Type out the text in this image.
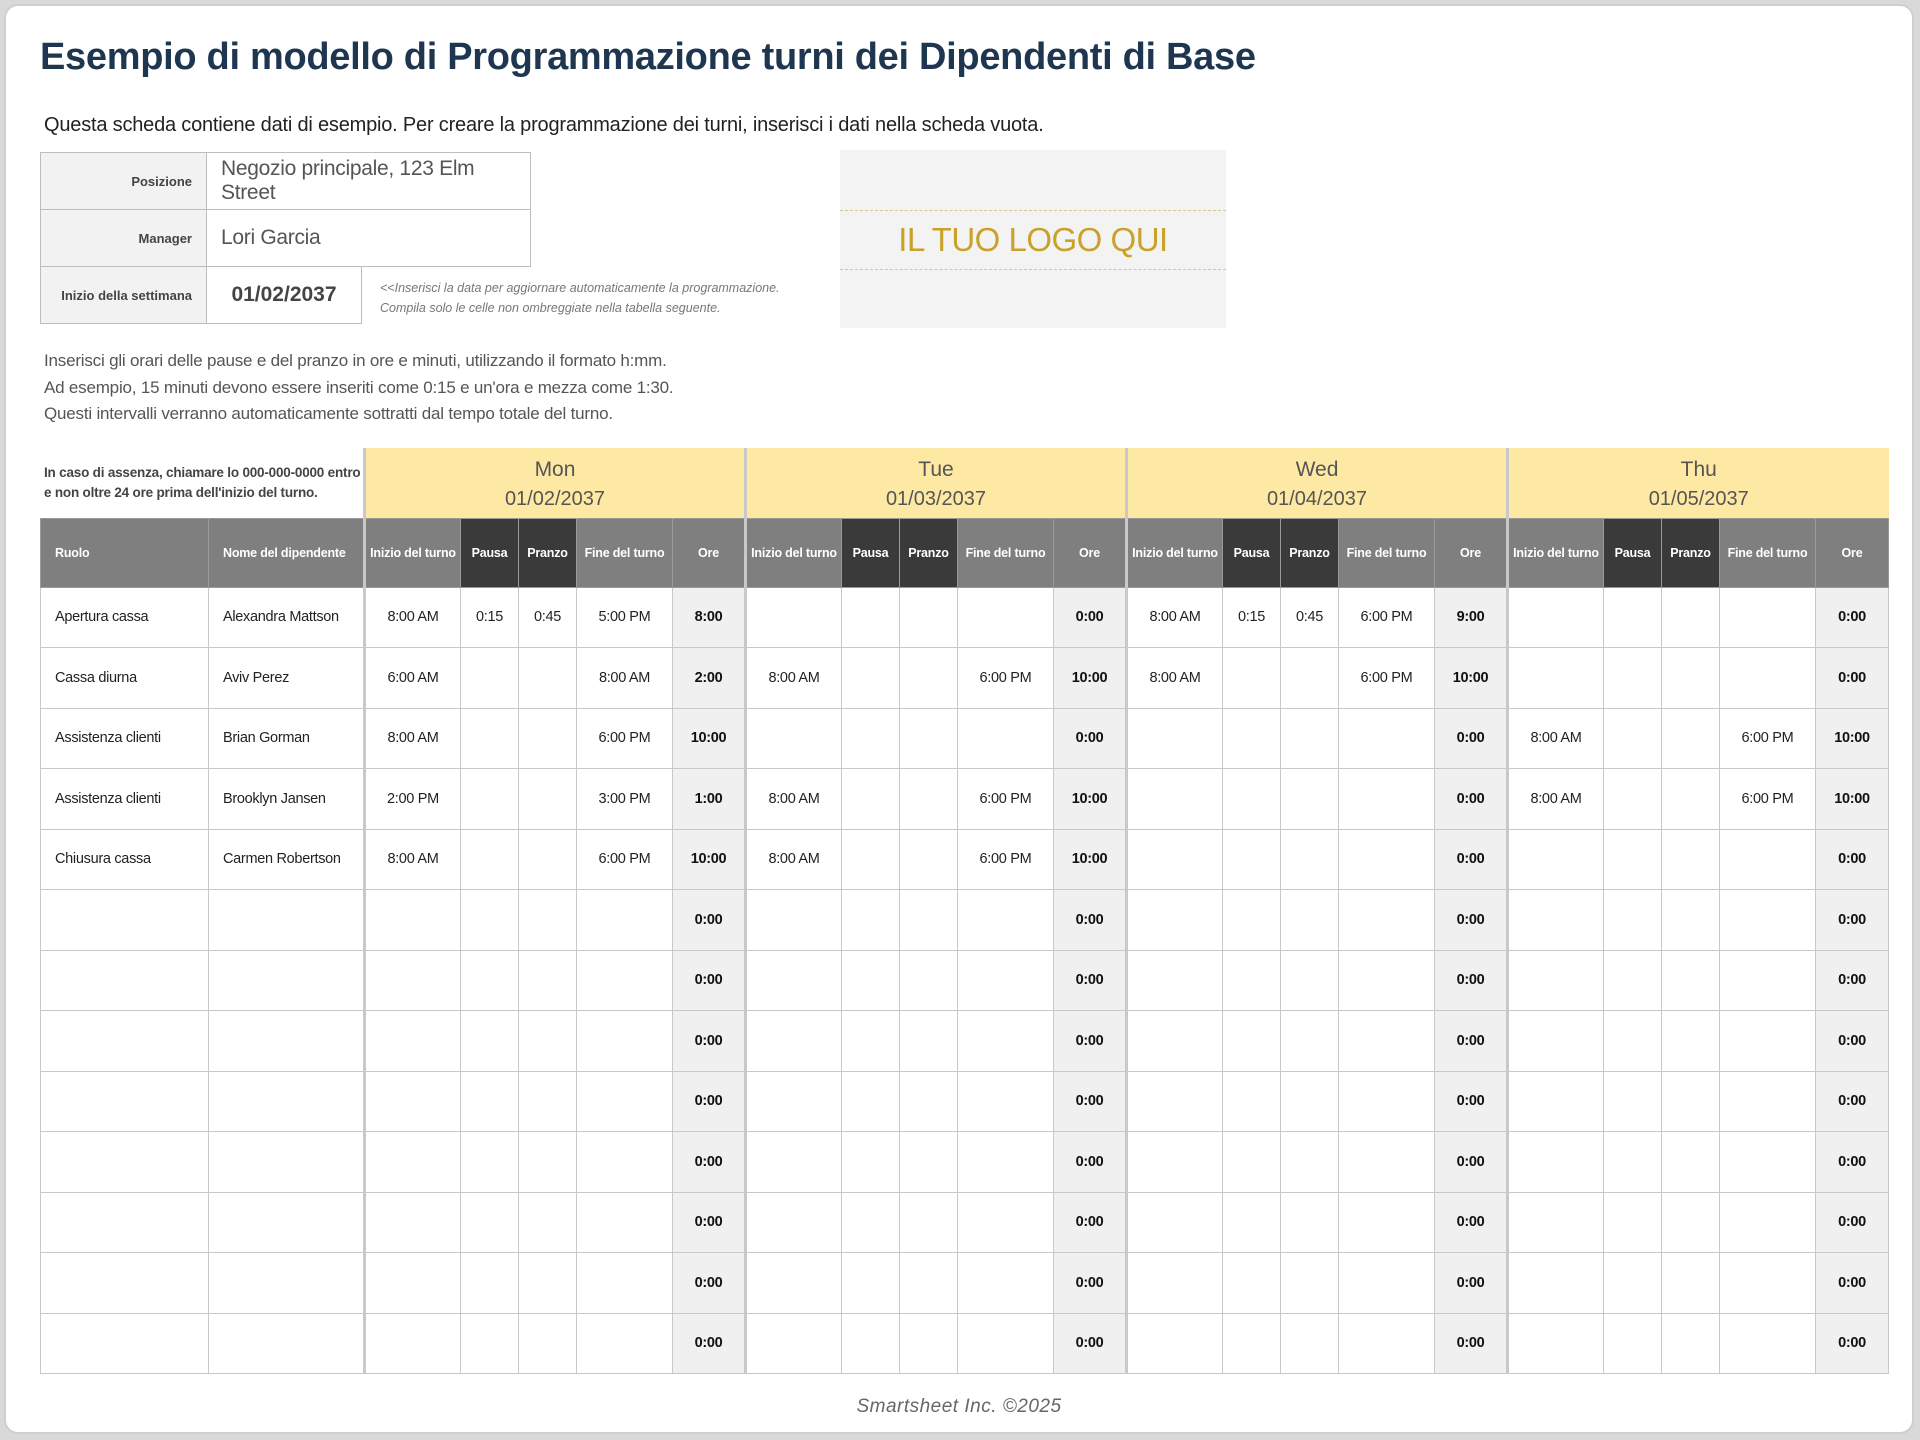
Esempio di modello di Programmazione turni dei Dipendenti di Base
Questa scheda contiene dati di esempio. Per creare la programmazione dei turni, inserisci i dati nella scheda vuota.
Posizione	Negozio principale, 123 Elm Street	
Manager	Lori Garcia	
Inizio della settimana	01/02/2037		<<Inserisci la data per aggiornare automaticamente la programmazione.
Compila solo le celle non ombreggiate nella tabella seguente.
IL TUO LOGO QUI
Inserisci gli orari delle pause e del pranzo in ore e minuti, utilizzando il formato h:mm.
Ad esempio, 15 minuti devono essere inseriti come 0:15 e un'ora e mezza come 1:30.
Questi intervalli verranno automaticamente sottratti dal tempo totale del turno.
		Mon					Tue					Wed					Thu				
		01/02/2037					01/03/2037					01/04/2037					01/05/2037				
Ruolo	Nome del dipendente	Inizio del turno	Pausa	Pranzo	Fine del turno	Ore	Inizio del turno	Pausa	Pranzo	Fine del turno	Ore	Inizio del turno	Pausa	Pranzo	Fine del turno	Ore	Inizio del turno	Pausa	Pranzo	Fine del turno	Ore
Apertura cassa	Alexandra Mattson	8:00 AM	0:15	0:45	5:00 PM	8:00					0:00	8:00 AM	0:15	0:45	6:00 PM	9:00					0:00
Cassa diurna	Aviv Perez	6:00 AM			8:00 AM	2:00	8:00 AM			6:00 PM	10:00	8:00 AM			6:00 PM	10:00					0:00
Assistenza clienti	Brian Gorman	8:00 AM			6:00 PM	10:00					0:00					0:00	8:00 AM			6:00 PM	10:00
Assistenza clienti	Brooklyn Jansen	2:00 PM			3:00 PM	1:00	8:00 AM			6:00 PM	10:00					0:00	8:00 AM			6:00 PM	10:00
Chiusura cassa	Carmen Robertson	8:00 AM			6:00 PM	10:00	8:00 AM			6:00 PM	10:00					0:00					0:00
						0:00					0:00					0:00					0:00
						0:00					0:00					0:00					0:00
						0:00					0:00					0:00					0:00
						0:00					0:00					0:00					0:00
						0:00					0:00					0:00					0:00
						0:00					0:00					0:00					0:00
						0:00					0:00					0:00					0:00
						0:00					0:00					0:00					0:00
In caso di assenza, chiamare lo 000-000-0000 entro
e non oltre 24 ore prima dell'inizio del turno.
Smartsheet Inc. ©2025
